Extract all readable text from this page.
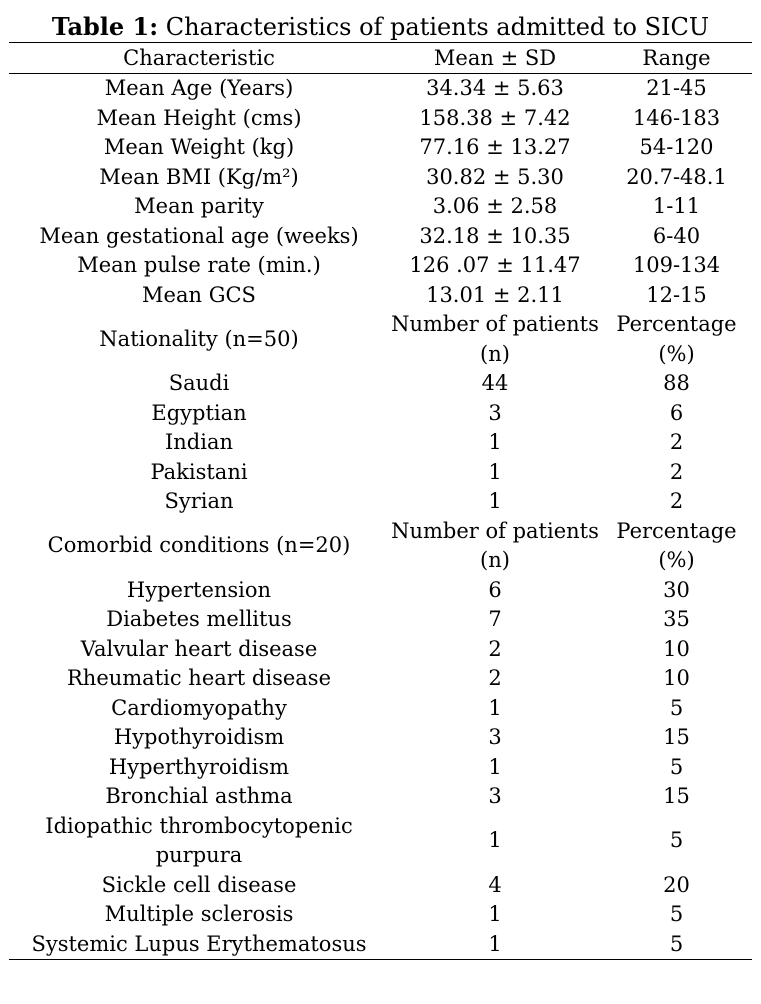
Table 1: Characteristics of patients admitted to SICU
Characteristic	Mean ± SD	Range
Mean Age (Years)	34.34 ± 5.63	21-45
Mean Height (cms)	158.38 ± 7.42	146-183
Mean Weight (kg)	77.16 ± 13.27	54-120
Mean BMI (Kg/m²)	30.82 ± 5.30	20.7-48.1
Mean parity	3.06 ± 2.58	1-11
Mean gestational age (weeks)	32.18 ± 10.35	6-40
Mean pulse rate (min.)	126 .07 ± 11.47	109-134
Mean GCS	13.01 ± 2.11	12-15
Nationality (n=50)	Number of patients (n)	Percentage (%)
Saudi	44	88
Egyptian	3	6
Indian	1	2
Pakistani	1	2
Syrian	1	2
Comorbid conditions (n=20)	Number of patients (n)	Percentage (%)
Hypertension	6	30
Diabetes mellitus	7	35
Valvular heart disease	2	10
Rheumatic heart disease	2	10
Cardiomyopathy	1	5
Hypothyroidism	3	15
Hyperthyroidism	1	5
Bronchial asthma	3	15
Idiopathic thrombocytopenic purpura	1	5
Sickle cell disease	4	20
Multiple sclerosis	1	5
Systemic Lupus Erythematosus	1	5
